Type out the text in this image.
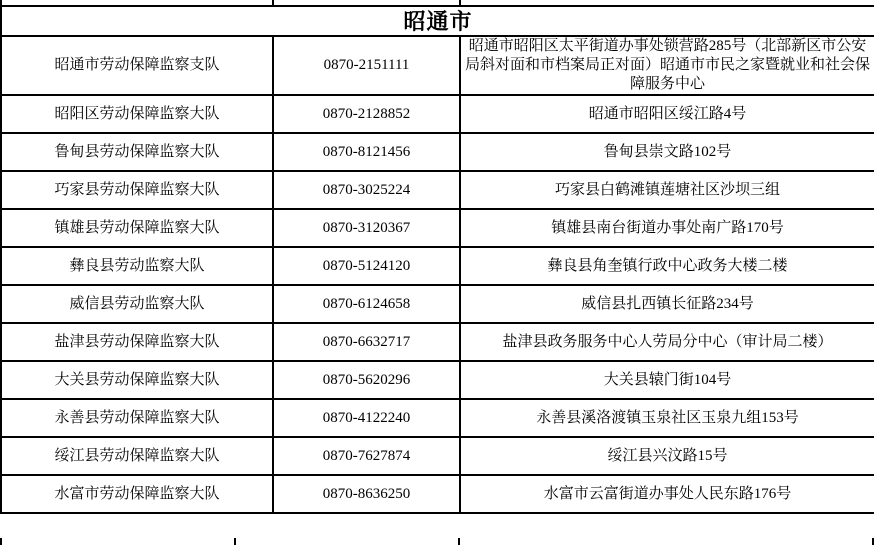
昭通市		
昭通市劳动保障监察支队	0870-2151111	昭通市昭阳区太平街道办事处锁营路285号（北部新区市公安局斜对面和市档案局正对面）昭通市市民之家暨就业和社会保障服务中心
昭阳区劳动保障监察大队	0870-2128852	昭通市昭阳区绥江路4号
鲁甸县劳动保障监察大队	0870-8121456	鲁甸县崇文路102号
巧家县劳动保障监察大队	0870-3025224	巧家县白鹤滩镇莲塘社区沙坝三组
镇雄县劳动保障监察大队	0870-3120367	镇雄县南台街道办事处南广路170号
彝良县劳动监察大队	0870-5124120	彝良县角奎镇行政中心政务大楼二楼
威信县劳动监察大队	0870-6124658	威信县扎西镇长征路234号
盐津县劳动保障监察大队	0870-6632717	盐津县政务服务中心人劳局分中心（审计局二楼）
大关县劳动保障监察大队	0870-5620296	大关县辕门街104号
永善县劳动保障监察大队	0870-4122240	永善县溪洛渡镇玉泉社区玉泉九组153号
绥江县劳动保障监察大队	0870-7627874	绥江县兴汶路15号
水富市劳动保障监察大队	0870-8636250	水富市云富街道办事处人民东路176号
